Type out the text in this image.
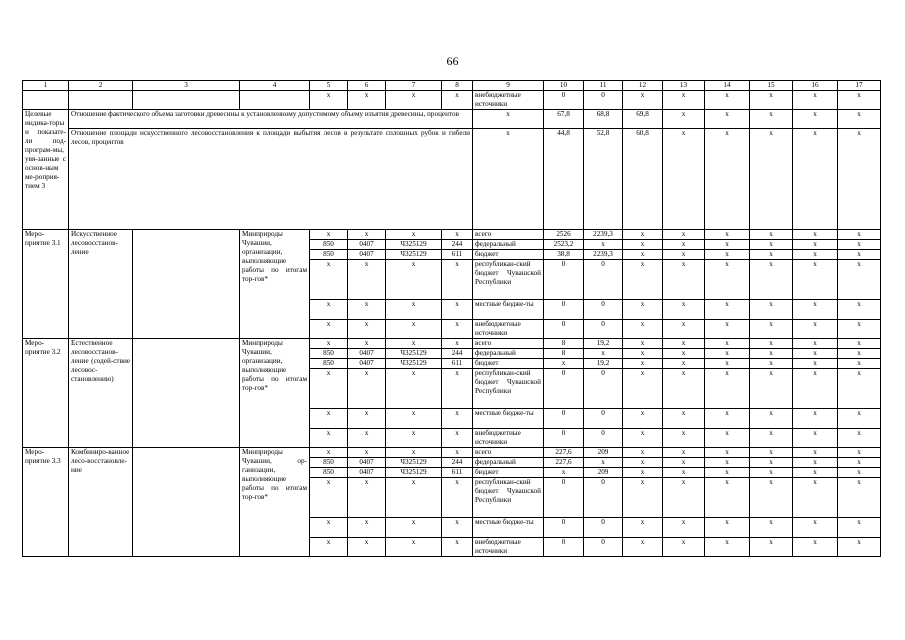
66
1	2	3	4	5	6	7	8	9	10	11	12	13	14	15	16	17
				x	x	x	x	внебюджетные источники	0	0	x	x	x	x	x	x
Целевые индика-торы и показате-ли под-програм-мы, увя-занные с основ-ным ме-роприя-тием 3	Отношение фактического объема заготовки древесины к установленному допустимому объему изъятия древесины, процентов							x	67,8	68,8	69,8	x	x	x	x	x
	Отношение площади искусственного лесовосстановления к площади выбытия лесов в результате сплошных рубок и гибели лесов, процентов							x	44,8	52,8	60,8	x	x	x	x	x
Меро-приятие 3.1	Искусственное лесовосстанов-ление		Минприроды Чувашии, организации, выполняющие работы по итогам тор-гов*	x	x	x	x	всего	2526	2239,3	x	x	x	x	x	x
				850	0407	Ч325129	244	федеральный	2523,2	x	x	x	x	x	x	x
				850	0407	Ч325129	611	бюджет	38,8	2239,3	x	x	x	x	x	x
				x	x	x	x	республикан-ский бюджет Чувашской Республики	0	0	x	x	x	x	x	x
				x	x	x	x	местные бюдже-ты	0	0	x	x	x	x	x	x
				x	x	x	x	внебюджетные источники	0	0	x	x	x	x	x	x
Меро-приятие 3.2	Естественное лесовосстанов-ление (содей-ствие лесовос-становлению)		Минприроды Чувашии, организации, выполняющие работы по итогам тор-гов*	x	x	x	x	всего	8	19,2	x	x	x	x	x	x
				850	0407	Ч325129	244	федеральный	8	x	x	x	x	x	x	x
				850	0407	Ч325129	611	бюджет	x	19,2	x	x	x	x	x	x
				x	x	x	x	республикан-ский бюджет Чувашской Республики	0	0	x	x	x	x	x	x
				x	x	x	x	местные бюдже-ты	0	0	x	x	x	x	x	x
				x	x	x	x	внебюджетные источники	0	0	x	x	x	x	x	x
Меро-приятие 3.3	Комбиниро-ванное лесо-восстановле-ние		Минприроды Чувашии, ор-ганизации, выполняющие работы по итогам тор-гов*	x	x	x	x	всего	227,6	209	x	x	x	x	x	x
				850	0407	Ч325129	244	федеральный	227,6	x	x	x	x	x	x	x
				850	0407	Ч325129	611	бюджет	x	209	x	x	x	x	x	x
				x	x	x	x	республикан-ский бюджет Чувашской Республики	0	0	x	x	x	x	x	x
				x	x	x	x	местные бюдже-ты	0	0	x	x	x	x	x	x
				x	x	x	x	внебюджетные источники	0	0	x	x	x	x	x	x
